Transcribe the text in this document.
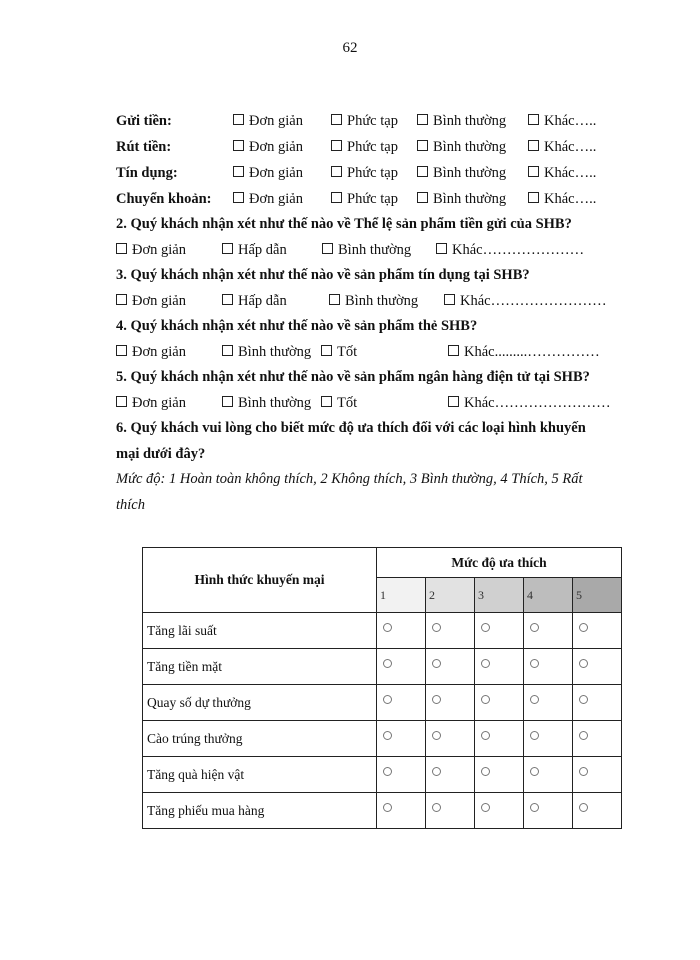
62
Gửi tiền:	Đơn giản	Phức tạp	Bình thường	Khác…..
Rút tiền:	Đơn giản	Phức tạp	Bình thường	Khác…..
Tín dụng:	Đơn giản	Phức tạp	Bình thường	Khác…..
Chuyển khoản:	Đơn giản	Phức tạp	Bình thường	Khác…..
2. Quý khách nhận xét như thế nào về Thể lệ sản phẩm tiền gửi của SHB?
Đơn giản	Hấp dẫn	Bình thường	Khác…………………
3. Quý khách nhận xét như thế nào về sản phẩm tín dụng tại SHB?
Đơn giản	Hấp dẫn	Bình thường	Khác……………………
4. Quý khách nhận xét như thế nào về sản phẩm thẻ SHB?
Đơn giản	Bình thường	Tốt	Khác.........……………
5. Quý khách nhận xét như thế nào về sản phẩm ngân hàng điện tử tại SHB?
Đơn giản	Bình thường	Tốt	Khác……………………
6. Quý khách vui lòng cho biết mức độ ưa thích đối với các loại hình khuyến
mại dưới đây?
Mức độ: 1 Hoàn toàn không thích, 2 Không thích, 3 Bình thường, 4 Thích, 5 Rất
thích
Hình thức khuyến mại	Mức độ ưa thích				
	1	2	3	4	5
Tăng lãi suất					
Tăng tiền mặt					
Quay số dự thưởng					
Cào trúng thưởng					
Tăng quà hiện vật					
Tăng phiếu mua hàng					
